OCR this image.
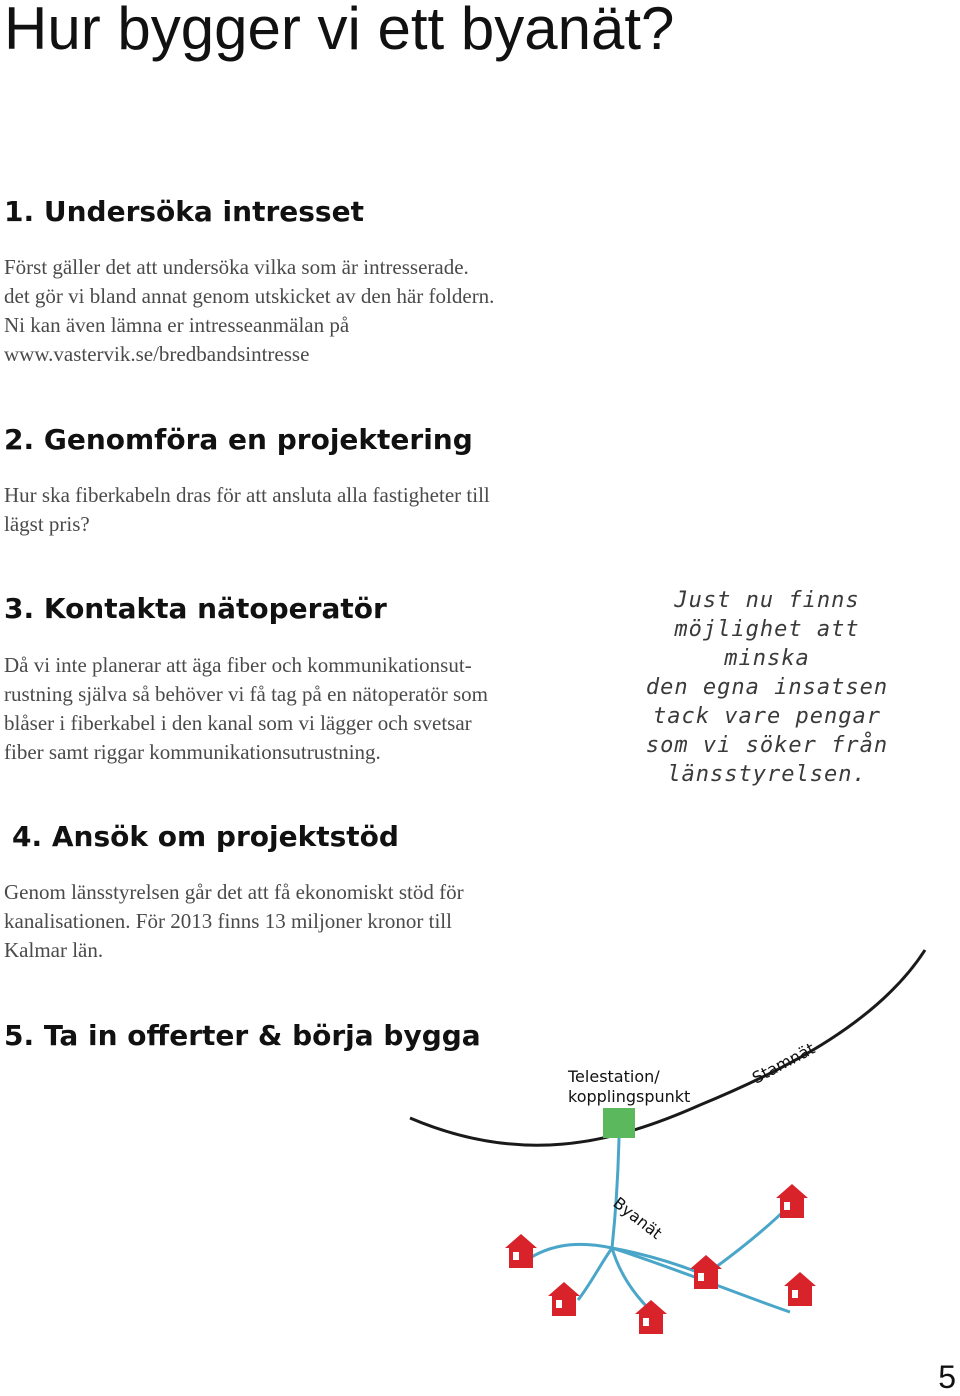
Hur bygger vi ett byanät?
1. Undersöka intresset
Först gäller det att undersöka vilka som är intresserade.
det gör vi bland annat genom utskicket av den här foldern.
Ni kan även lämna er intresseanmälan på
www.vastervik.se/bredbandsintresse
2. Genomföra en projektering
Hur ska fiberkabeln dras för att ansluta alla fastigheter till
lägst pris?
3. Kontakta nätoperatör
Då vi inte planerar att äga fiber och kommunikationsut-
rustning själva så behöver vi få tag på en nätoperatör som
blåser i fiberkabel i den kanal som vi lägger och svetsar
fiber samt riggar kommunikationsutrustning.
Just nu finns
möjlighet att minska
den egna insatsen
tack vare pengar
som vi söker från
länsstyrelsen.
4. Ansök om projektstöd
Genom länsstyrelsen går det att få ekonomiskt stöd för
kanalisationen. För 2013 finns 13 miljoner kronor till
Kalmar län.
5. Ta in offerter & börja bygga
Telestation/
kopplingspunkt
Stamnät
Byanät
5
